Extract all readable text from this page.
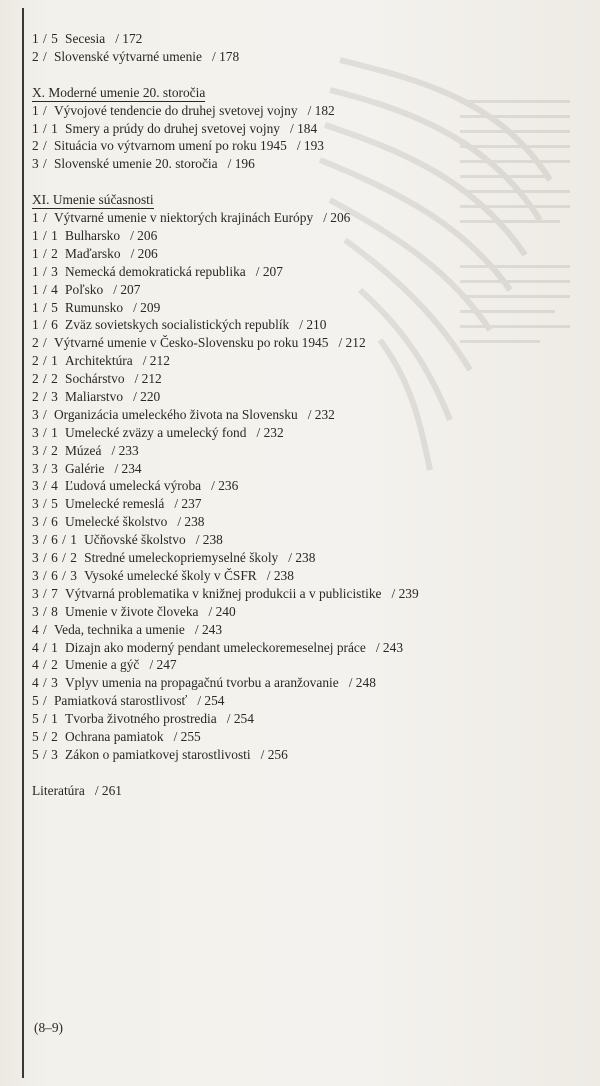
1 / 5 Secesia / 172
2 / Slovenské výtvarné umenie / 178
X. Moderné umenie 20. storočia
1 / Vývojové tendencie do druhej svetovej vojny / 182
1 / 1 Smery a prúdy do druhej svetovej vojny / 184
2 / Situácia vo výtvarnom umení po roku 1945 / 193
3 / Slovenské umenie 20. storočia / 196
XI. Umenie súčasnosti
1 / Výtvarné umenie v niektorých krajinách Európy / 206
1 / 1 Bulharsko / 206
1 / 2 Maďarsko / 206
1 / 3 Nemecká demokratická republika / 207
1 / 4 Poľsko / 207
1 / 5 Rumunsko / 209
1 / 6 Zväz sovietskych socialistických republík / 210
2 / Výtvarné umenie v Česko-Slovensku po roku 1945 / 212
2 / 1 Architektúra / 212
2 / 2 Sochárstvo / 212
2 / 3 Maliarstvo / 220
3 / Organizácia umeleckého života na Slovensku / 232
3 / 1 Umelecké zväzy a umelecký fond / 232
3 / 2 Múzeá / 233
3 / 3 Galérie / 234
3 / 4 Ľudová umelecká výroba / 236
3 / 5 Umelecké remeslá / 237
3 / 6 Umelecké školstvo / 238
3 / 6 / 1 Učňovské školstvo / 238
3 / 6 / 2 Stredné umeleckopriemyselné školy / 238
3 / 6 / 3 Vysoké umelecké školy v ČSFR / 238
3 / 7 Výtvarná problematika v knižnej produkcii a v publicistike / 239
3 / 8 Umenie v živote človeka / 240
4 / Veda, technika a umenie / 243
4 / 1 Dizajn ako moderný pendant umeleckoremeselnej práce / 243
4 / 2 Umenie a gýč / 247
4 / 3 Vplyv umenia na propagačnú tvorbu a aranžovanie / 248
5 / Pamiatková starostlivosť / 254
5 / 1 Tvorba životného prostredia / 254
5 / 2 Ochrana pamiatok / 255
5 / 3 Zákon o pamiatkovej starostlivosti / 256
Literatúra / 261
(8–9)
